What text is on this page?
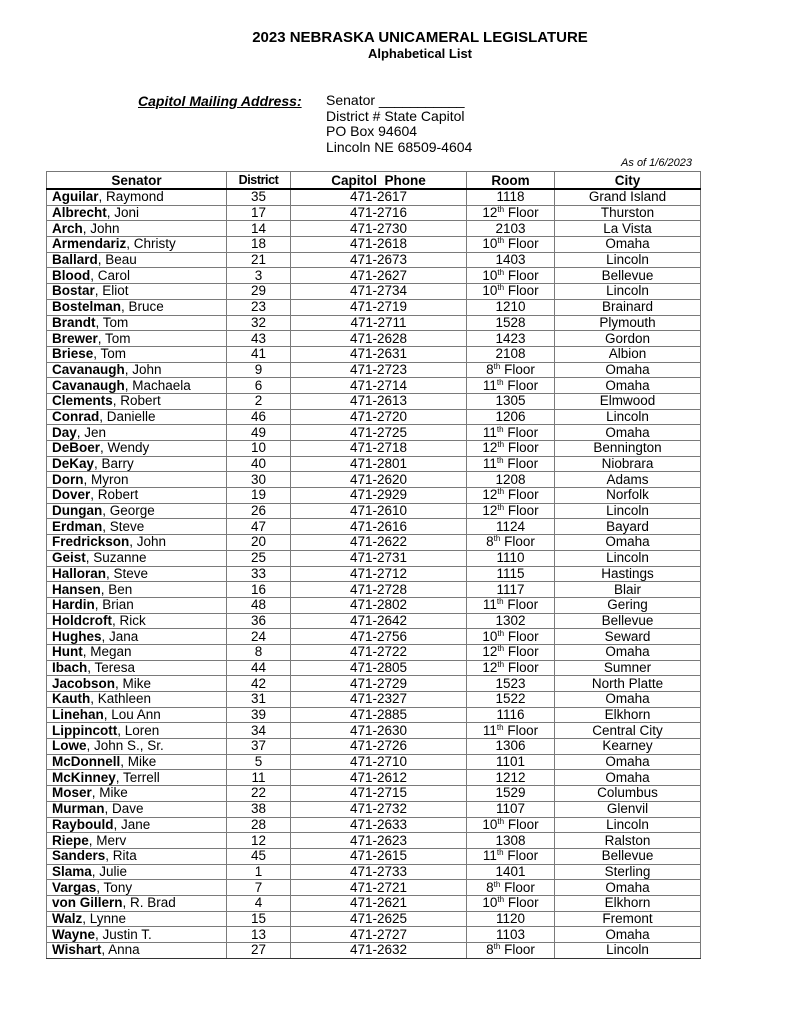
2023 NEBRASKA UNICAMERAL LEGISLATURE
Alphabetical List
Capitol Mailing Address: Senator ___________
District # State Capitol
PO Box 94604
Lincoln NE 68509-4604
As of 1/6/2023
Senator	District	Capitol  Phone	Room	City
Aguilar, Raymond	35	471-2617	1118	Grand Island
Albrecht, Joni	17	471-2716	12th Floor	Thurston
Arch, John	14	471-2730	2103	La Vista
Armendariz, Christy	18	471-2618	10th Floor	Omaha
Ballard, Beau	21	471-2673	1403	Lincoln
Blood, Carol	3	471-2627	10th Floor	Bellevue
Bostar, Eliot	29	471-2734	10th Floor	Lincoln
Bostelman, Bruce	23	471-2719	1210	Brainard
Brandt, Tom	32	471-2711	1528	Plymouth
Brewer, Tom	43	471-2628	1423	Gordon
Briese, Tom	41	471-2631	2108	Albion
Cavanaugh, John	9	471-2723	8th Floor	Omaha
Cavanaugh, Machaela	6	471-2714	11th Floor	Omaha
Clements, Robert	2	471-2613	1305	Elmwood
Conrad, Danielle	46	471-2720	1206	Lincoln
Day, Jen	49	471-2725	11th Floor	Omaha
DeBoer, Wendy	10	471-2718	12th Floor	Bennington
DeKay, Barry	40	471-2801	11th Floor	Niobrara
Dorn, Myron	30	471-2620	1208	Adams
Dover, Robert	19	471-2929	12th Floor	Norfolk
Dungan, George	26	471-2610	12th Floor	Lincoln
Erdman, Steve	47	471-2616	1124	Bayard
Fredrickson, John	20	471-2622	8th Floor	Omaha
Geist, Suzanne	25	471-2731	1110	Lincoln
Halloran, Steve	33	471-2712	1115	Hastings
Hansen, Ben	16	471-2728	1117	Blair
Hardin, Brian	48	471-2802	11th Floor	Gering
Holdcroft, Rick	36	471-2642	1302	Bellevue
Hughes, Jana	24	471-2756	10th Floor	Seward
Hunt, Megan	8	471-2722	12th Floor	Omaha
Ibach, Teresa	44	471-2805	12th Floor	Sumner
Jacobson, Mike	42	471-2729	1523	North Platte
Kauth, Kathleen	31	471-2327	1522	Omaha
Linehan, Lou Ann	39	471-2885	1116	Elkhorn
Lippincott, Loren	34	471-2630	11th Floor	Central City
Lowe, John S., Sr.	37	471-2726	1306	Kearney
McDonnell, Mike	5	471-2710	1101	Omaha
McKinney, Terrell	11	471-2612	1212	Omaha
Moser, Mike	22	471-2715	1529	Columbus
Murman, Dave	38	471-2732	1107	Glenvil
Raybould, Jane	28	471-2633	10th Floor	Lincoln
Riepe, Merv	12	471-2623	1308	Ralston
Sanders, Rita	45	471-2615	11th Floor	Bellevue
Slama, Julie	1	471-2733	1401	Sterling
Vargas, Tony	7	471-2721	8th Floor	Omaha
von Gillern, R. Brad	4	471-2621	10th Floor	Elkhorn
Walz, Lynne	15	471-2625	1120	Fremont
Wayne, Justin T.	13	471-2727	1103	Omaha
Wishart, Anna	27	471-2632	8th Floor	Lincoln
